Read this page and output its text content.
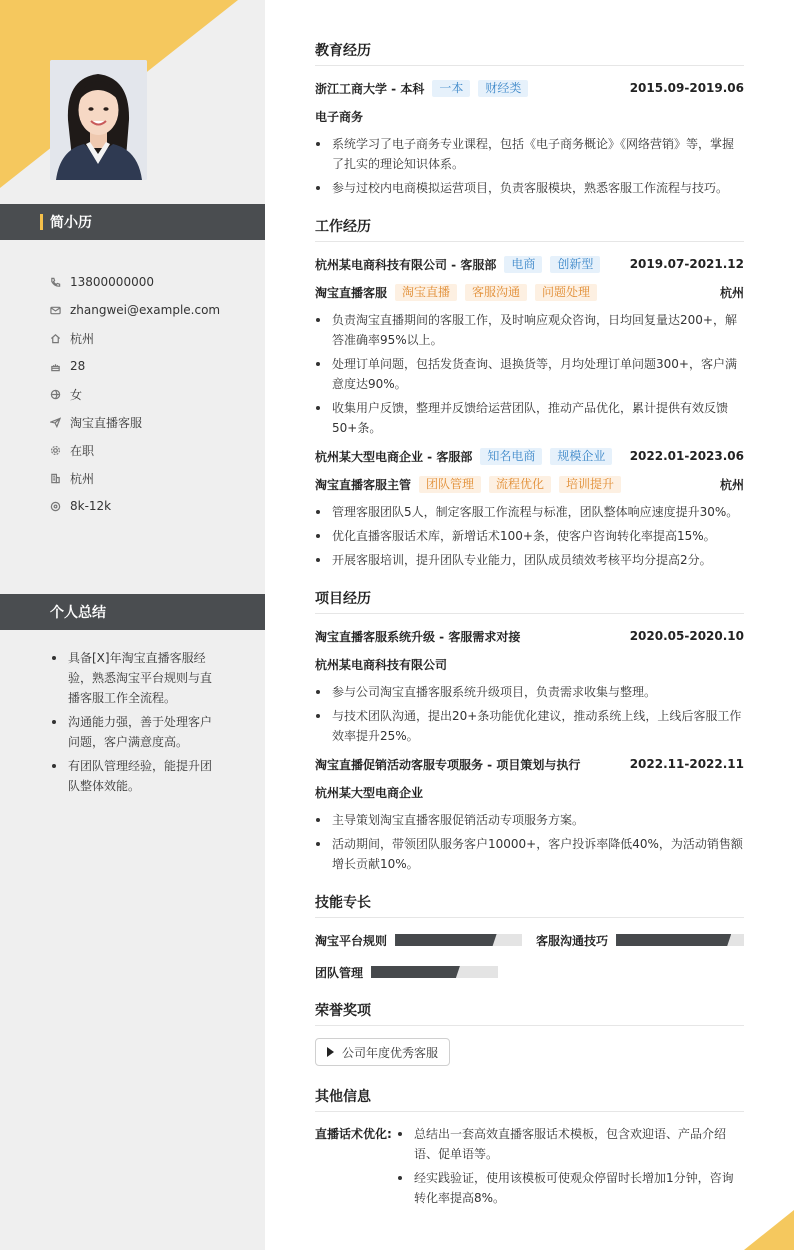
简小历
13800000000
zhangwei@example.com
杭州
28
女
淘宝直播客服
在职
杭州
8k-12k
个人总结
具备[X]年淘宝直播客服经验，熟悉淘宝平台规则与直播客服工作全流程。
沟通能力强，善于处理客户问题，客户满意度高。
有团队管理经验，能提升团队整体效能。
教育经历
浙江工商大学 - 本科	一本	财经类	2015.09-2019.06
电子商务
系统学习了电子商务专业课程，包括《电子商务概论》《网络营销》等，掌握了扎实的理论知识体系。
参与过校内电商模拟运营项目，负责客服模块，熟悉客服工作流程与技巧。
工作经历
杭州某电商科技有限公司 - 客服部	电商	创新型	2019.07-2021.12
淘宝直播客服	淘宝直播	客服沟通	问题处理	杭州
负责淘宝直播期间的客服工作，及时响应观众咨询，日均回复量达200+，解答准确率95%以上。
处理订单问题，包括发货查询、退换货等，月均处理订单问题300+，客户满意度达90%。
收集用户反馈，整理并反馈给运营团队，推动产品优化，累计提供有效反馈50+条。
杭州某大型电商企业 - 客服部	知名电商	规模企业	2022.01-2023.06
淘宝直播客服主管	团队管理	流程优化	培训提升	杭州
管理客服团队5人，制定客服工作流程与标准，团队整体响应速度提升30%。
优化直播客服话术库，新增话术100+条，使客户咨询转化率提高15%。
开展客服培训，提升团队专业能力，团队成员绩效考核平均分提高2分。
项目经历
淘宝直播客服系统升级 - 客服需求对接	2020.05-2020.10
杭州某电商科技有限公司
参与公司淘宝直播客服系统升级项目，负责需求收集与整理。
与技术团队沟通，提出20+条功能优化建议，推动系统上线，上线后客服工作效率提升25%。
淘宝直播促销活动客服专项服务 - 项目策划与执行	2022.11-2022.11
杭州某大型电商企业
主导策划淘宝直播客服促销活动专项服务方案。
活动期间，带领团队服务客户10000+，客户投诉率降低40%，为活动销售额增长贡献10%。
技能专长
淘宝平台规则	客服沟通技巧
团队管理
荣誉奖项
公司年度优秀客服
其他信息
直播话术优化:	总结出一套高效直播客服话术模板，包含欢迎语、产品介绍语、促单语等。
经实践验证，使用该模板可使观众停留时长增加1分钟，咨询转化率提高8%。
